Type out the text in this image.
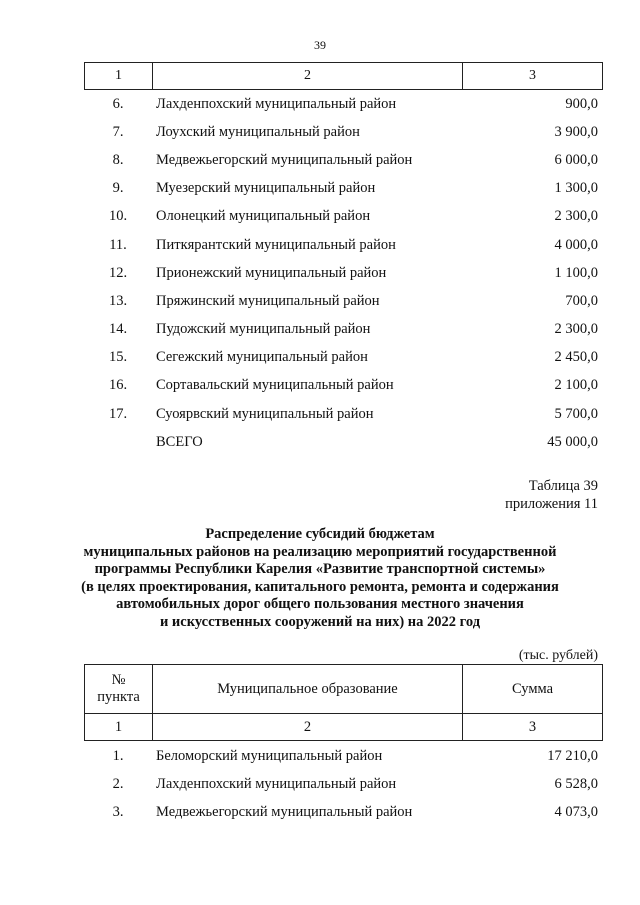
39
1	2	3
6.	Лахденпохский муниципальный район	900,0
7.	Лоухский муниципальный район	3 900,0
8.	Медвежьегорский муниципальный район	6 000,0
9.	Муезерский муниципальный район	1 300,0
10.	Олонецкий муниципальный район	2 300,0
11.	Питкярантский муниципальный район	4 000,0
12.	Прионежский муниципальный район	1 100,0
13.	Пряжинский муниципальный район	700,0
14.	Пудожский муниципальный район	2 300,0
15.	Сегежский муниципальный район	2 450,0
16.	Сортавальский муниципальный район	2 100,0
17.	Суоярвский муниципальный район	5 700,0
ВСЕГО	45 000,0
Таблица 39
приложения 11
Распределение субсидий бюджетам
муниципальных районов на реализацию мероприятий государственной
программы Республики Карелия «Развитие транспортной системы»
(в целях проектирования, капитального ремонта, ремонта и содержания
автомобильных дорог общего пользования местного значения
и искусственных сооружений на них) на 2022 год
(тыс. рублей)
№
пункта	Муниципальное образование	Сумма
1	2	3
1.	Беломорский муниципальный район	17 210,0
2.	Лахденпохский муниципальный район	6 528,0
3.	Медвежьегорский муниципальный район	4 073,0
